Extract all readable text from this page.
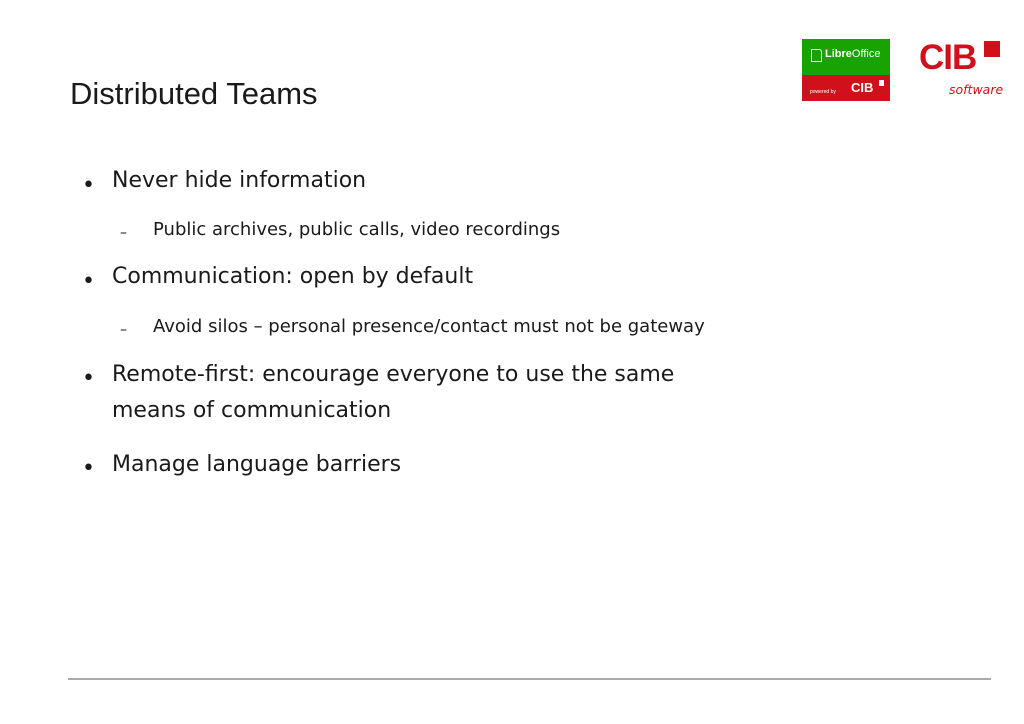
Distributed Teams
LibreOffice
powered by CIB
CIB
software
• Never hide information
– Public archives, public calls, video recordings
• Communication: open by default
– Avoid silos – personal presence/contact must not be gateway
• Remote-first: encourage everyone to use the same
means of communication
• Manage language barriers
